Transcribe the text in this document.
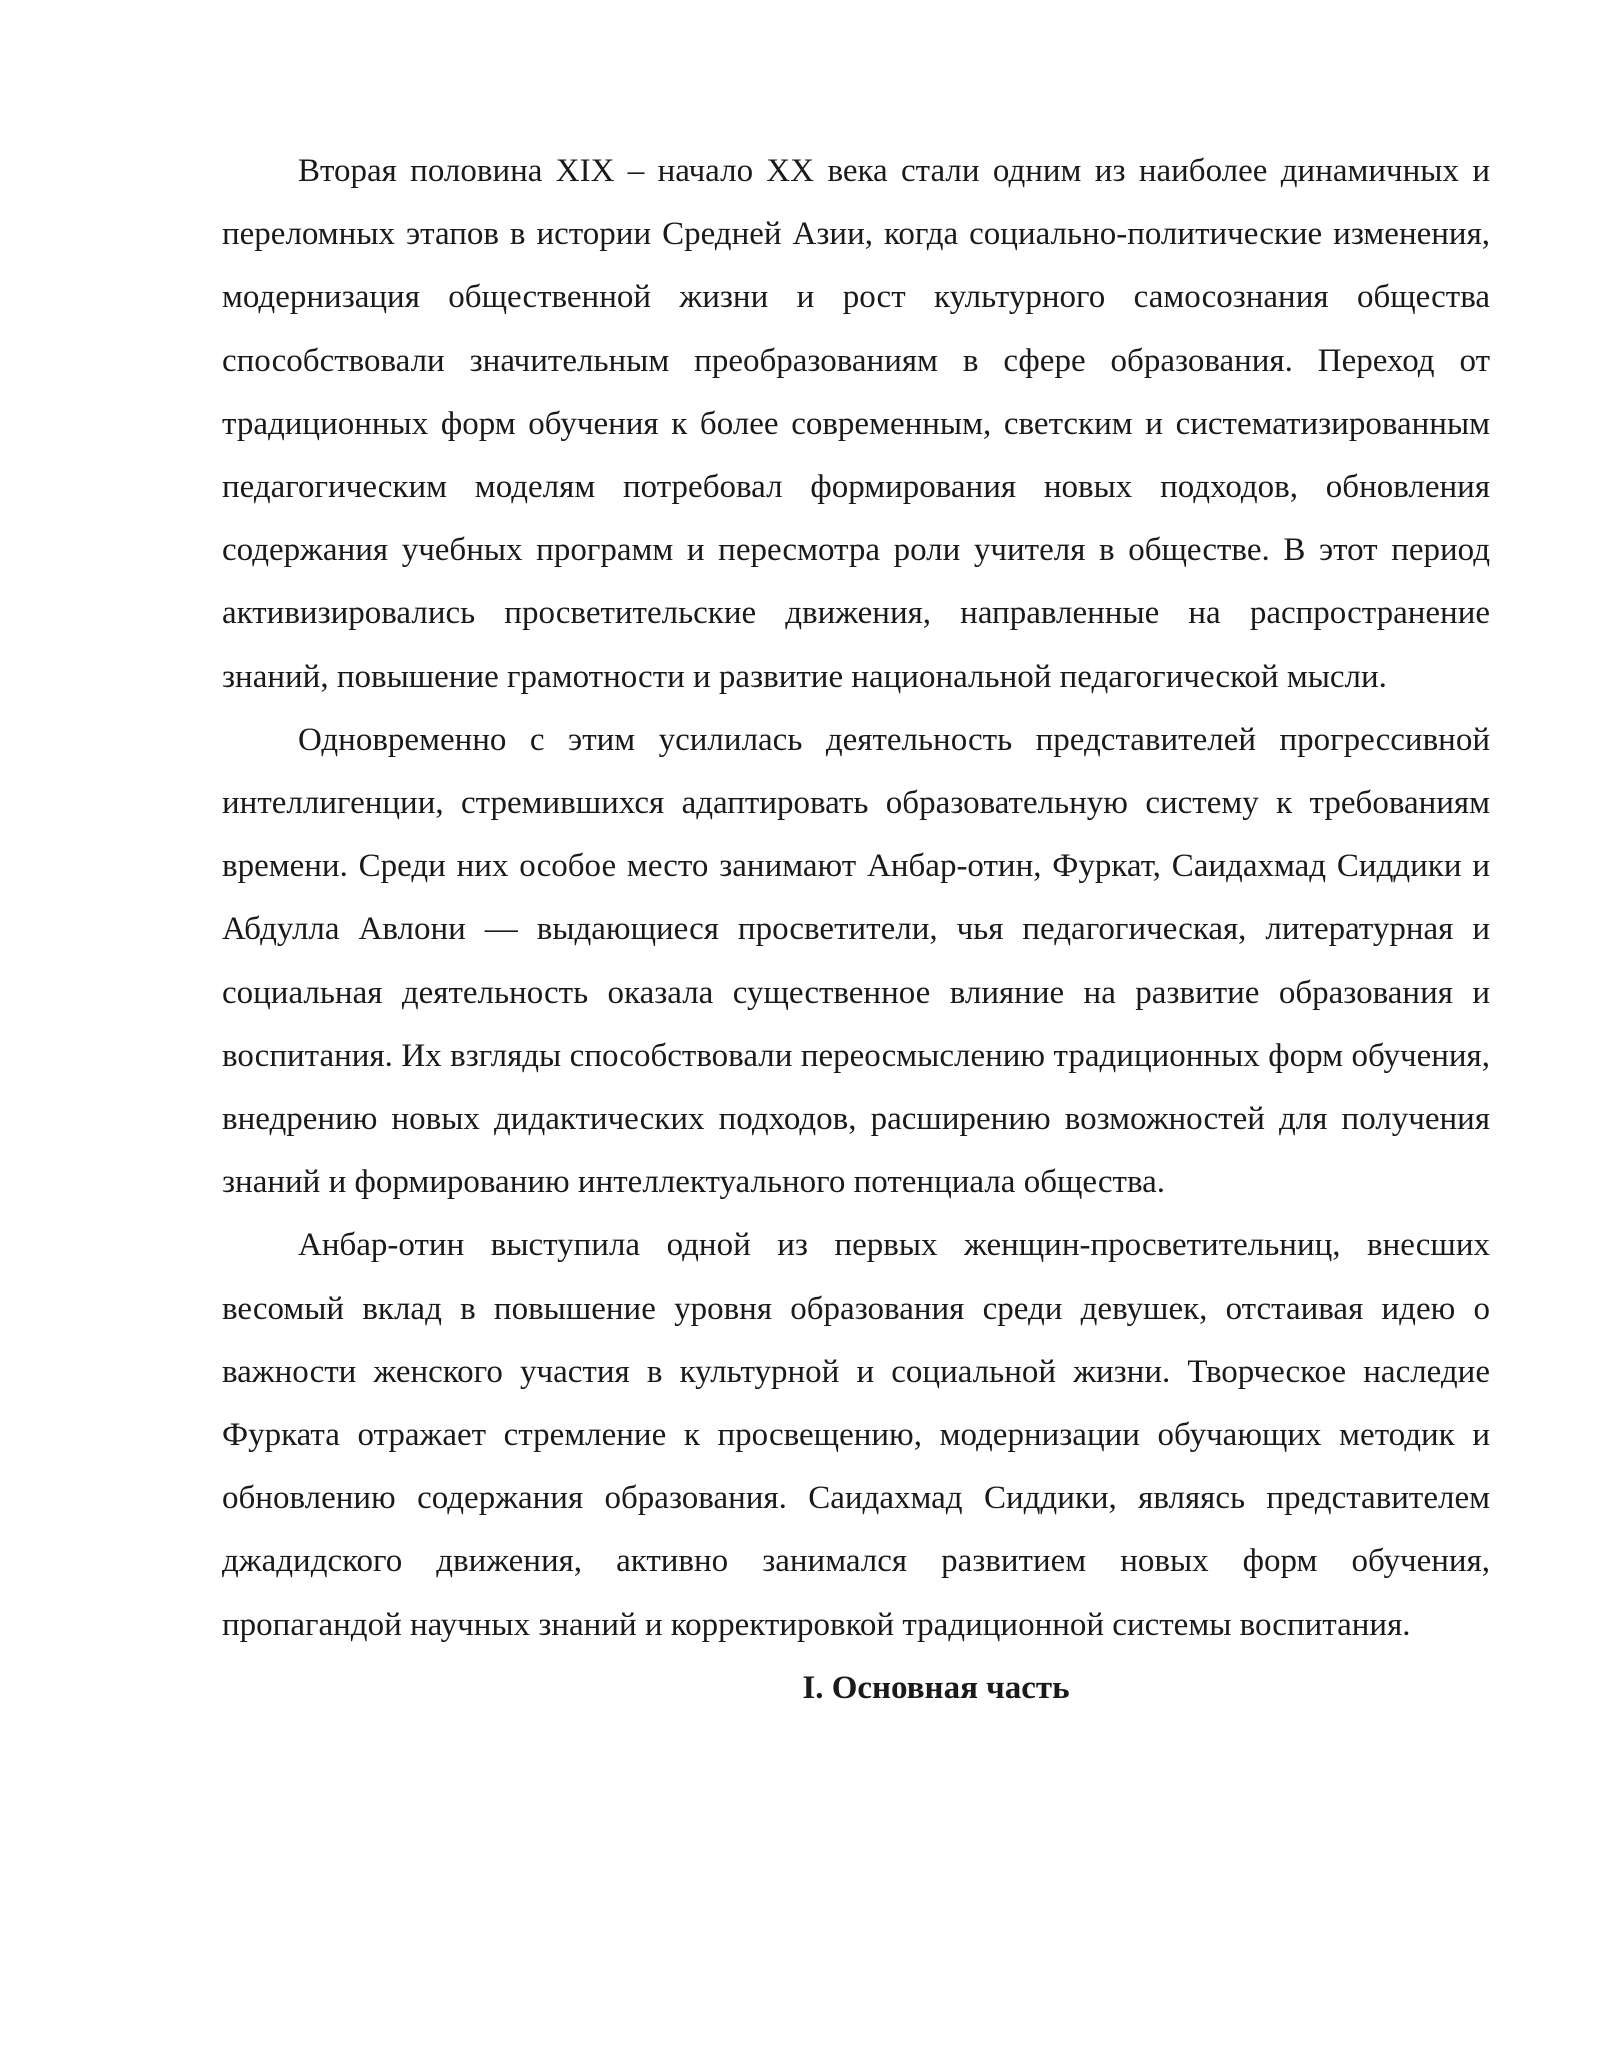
Вторая половина XIX – начало XX века стали одним из наиболее динамичных и переломных этапов в истории Средней Азии, когда социально-политические изменения, модернизация общественной жизни и рост культурного самосознания общества способствовали значительным преобразованиям в сфере образования. Переход от традиционных форм обучения к более современным, светским и систематизированным педагогическим моделям потребовал формирования новых подходов, обновления содержания учебных программ и пересмотра роли учителя в обществе. В этот период активизировались просветительские движения, направленные на распространение знаний, повышение грамотности и развитие национальной педагогической мысли.

Одновременно с этим усилилась деятельность представителей прогрессивной интеллигенции, стремившихся адаптировать образовательную систему к требованиям времени. Среди них особое место занимают Анбар-отин, Фуркат, Саидахмад Сиддики и Абдулла Авлони — выдающиеся просветители, чья педагогическая, литературная и социальная деятельность оказала существенное влияние на развитие образования и воспитания. Их взгляды способствовали переосмыслению традиционных форм обучения, внедрению новых дидактических подходов, расширению возможностей для получения знаний и формированию интеллектуального потенциала общества.

Анбар-отин выступила одной из первых женщин-просветительниц, внесших весомый вклад в повышение уровня образования среди девушек, отстаивая идею о важности женского участия в культурной и социальной жизни. Творческое наследие Фурката отражает стремление к просвещению, модернизации обучающих методик и обновлению содержания образования. Саидахмад Сиддики, являясь представителем джадидского движения, активно занимался развитием новых форм обучения, пропагандой научных знаний и корректировкой традиционной системы воспитания.

I. Основная часть
